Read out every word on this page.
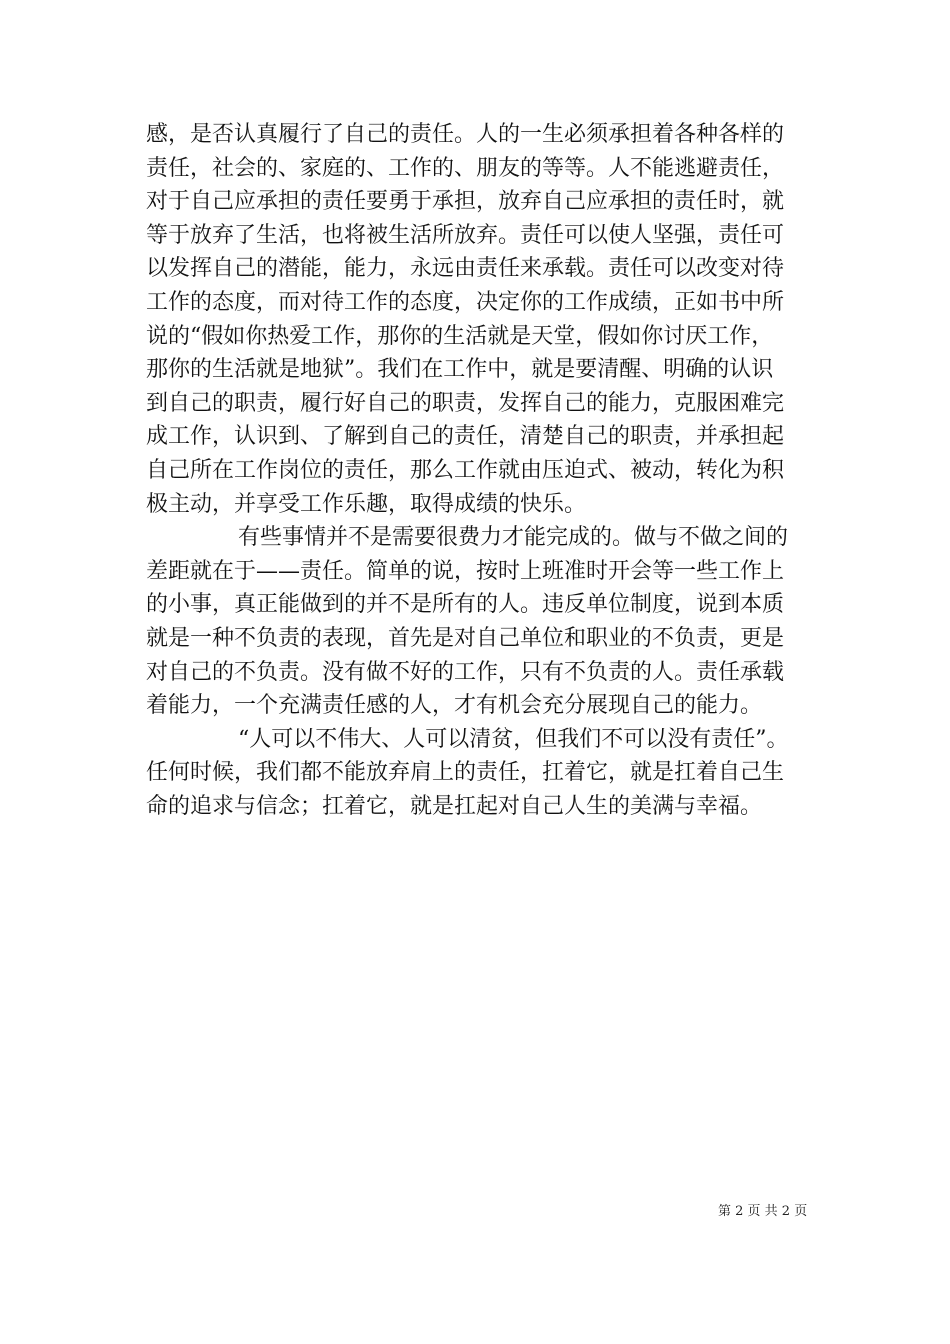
感，是否认真履行了自己的责任。人的一生必须承担着各种各样的
责任，社会的、家庭的、工作的、朋友的等等。人不能逃避责任，
对于自己应承担的责任要勇于承担，放弃自己应承担的责任时，就
等于放弃了生活，也将被生活所放弃。责任可以使人坚强，责任可
以发挥自己的潜能，能力，永远由责任来承载。责任可以改变对待
工作的态度，而对待工作的态度，决定你的工作成绩，正如书中所
说的“假如你热爱工作，那你的生活就是天堂，假如你讨厌工作，
那你的生活就是地狱”。我们在工作中，就是要清醒、明确的认识
到自己的职责，履行好自己的职责，发挥自己的能力，克服困难完
成工作，认识到、了解到自己的责任，清楚自己的职责，并承担起
自己所在工作岗位的责任，那么工作就由压迫式、被动，转化为积
极主动，并享受工作乐趣，取得成绩的快乐。
有些事情并不是需要很费力才能完成的。做与不做之间的
差距就在于——责任。简单的说，按时上班准时开会等一些工作上
的小事，真正能做到的并不是所有的人。违反单位制度，说到本质
就是一种不负责的表现，首先是对自己单位和职业的不负责，更是
对自己的不负责。没有做不好的工作，只有不负责的人。责任承载
着能力，一个充满责任感的人，才有机会充分展现自己的能力。
“人可以不伟大、人可以清贫，但我们不可以没有责任”。
任何时候，我们都不能放弃肩上的责任，扛着它，就是扛着自己生
命的追求与信念；扛着它，就是扛起对自己人生的美满与幸福。
第 2 页 共 2 页
